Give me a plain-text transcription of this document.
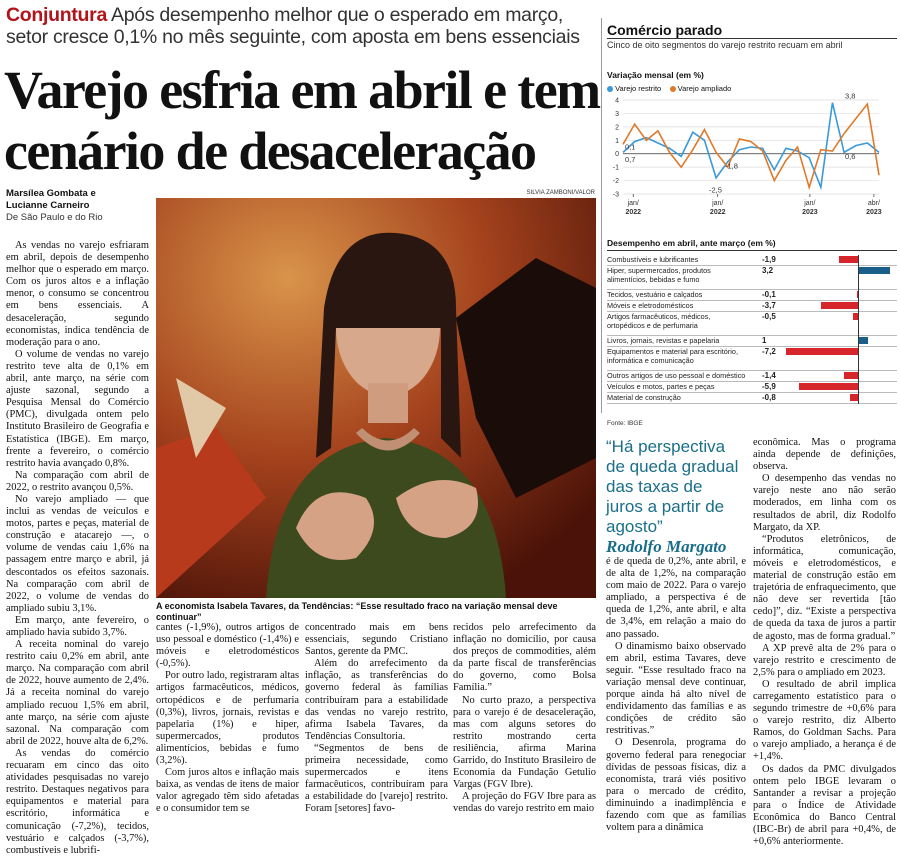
Conjuntura Após desempenho melhor que o esperado em março, setor cresce 0,1% no mês seguinte, com aposta em bens essenciais
Varejo esfria em abril e tem
cenário de desaceleração
Marsílea Gombata e
Lucianne Carneiro
De São Paulo e do Rio
SILVIA ZAMBONI/VALOR

As vendas no varejo esfriaram em abril, depois de desempenho melhor que o esperado em março. Com os juros altos e a inflação menor, o consumo se concentrou em bens essenciais. A desaceleração, segundo economistas, indica tendência de moderação para o ano.

O volume de vendas no varejo restrito teve alta de 0,1% em abril, ante março, na série com ajuste sazonal, segundo a Pesquisa Mensal do Comércio (PMC), divulgada ontem pelo Instituto Brasileiro de Geografia e Estatística (IBGE). Em março, frente a fevereiro, o comércio restrito havia avançado 0,8%.

Na comparação com abril de 2022, o restrito avançou 0,5%.

No varejo ampliado — que inclui as vendas de veículos e motos, partes e peças, material de construção e atacarejo —, o volume de vendas caiu 1,6% na passagem entre março e abril, já descontados os efeitos sazonais. Na comparação com abril de 2022, o volume de vendas do ampliado subiu 3,1%.

Em março, ante fevereiro, o ampliado havia subido 3,7%.

A receita nominal do varejo restrito caiu 0,2% em abril, ante março. Na comparação com abril de 2022, houve aumento de 2,4%. Já a receita nominal do varejo ampliado recuou 1,5% em abril, ante março, na série com ajuste sazonal. Na comparação com abril de 2022, houve alta de 6,2%.

As vendas do comércio recuaram em cinco das oito atividades pesquisadas no varejo restrito. Destaques negativos para equipamentos e material para escritório, informática e comunicação (-7,2%), tecidos, vestuário e calçados (-3,7%), combustíveis e lubrifi-

A economista Isabela Tavares, da Tendências: “Esse resultado fraco na variação mensal deve continuar”

cantes (-1,9%), outros artigos de uso pessoal e doméstico (-1,4%) e móveis e eletrodomésticos (-0,5%).

Por outro lado, registraram altas artigos farmacêuticos, médicos, ortopédicos e de perfumaria (0,3%), livros, jornais, revistas e papelaria (1%) e hiper, supermercados, produtos alimentícios, bebidas e fumo (3,2%).

Com juros altos e inflação mais baixa, as vendas de itens de maior valor agregado têm sido afetadas e o consumidor tem se

concentrado mais em bens essenciais, segundo Cristiano Santos, gerente da PMC.

Além do arrefecimento da inflação, as transferências do governo federal às famílias contribuíram para a estabilidade das vendas no varejo restrito, afirma Isabela Tavares, da Tendências Consultoria.

“Segmentos de bens de primeira necessidade, como supermercados e itens farmacêuticos, contribuíram para a estabilidade do [varejo] restrito. Foram [setores] favo-

recidos pelo arrefecimento da inflação no domicílio, por causa dos preços de commodities, além da parte fiscal de transferências do governo, como Bolsa Família.”

No curto prazo, a perspectiva para o varejo é de desaceleração, mas com alguns setores do restrito mostrando certa resiliência, afirma Marina Garrido, do Instituto Brasileiro de Economia da Fundação Getulio Vargas (FGV Ibre).

A projeção do FGV Ibre para as vendas do varejo restrito em maio

Comércio parado
Cinco de oito segmentos do varejo restrito recuam em abril
Variação mensal (em %)
Varejo restrito Varejo ampliado
-3
-2
-1
0
1
2
3
4
jan/
2022
jan/
2022
jan/
2023
abr/
2023
0,1
0,7
-1,8
-2,5
3,8
0,6
Desempenho em abril, ante março (em %)
Combustíveis e lubrificantes	-1,9
Hiper, supermercados, produtos alimentícios, bebidas e fumo
3,2
Tecidos, vestuário e calçados	-0,1
Móveis e eletrodomésticos	-3,7
Artigos farmacêuticos, médicos, ortopédicos e de perfumaria
-0,5
Livros, jornais, revistas e papelaria	1
Equipamentos e material para escritório, informática e comunicação
-7,2
Outros artigos de uso pessoal e doméstico -1,4
Veículos e motos, partes e peças	-5,9
Material de construção	-0,8
Fonte: IBGE
“Há perspectiva de queda gradual das taxas de juros a partir de agosto”
Rodolfo Margato

é de queda de 0,2%, ante abril, e de alta de 1,2%, na comparação com maio de 2022. Para o varejo ampliado, a perspectiva é de queda de 1,2%, ante abril, e alta de 3,4%, em relação a maio do ano passado.

O dinamismo baixo observado em abril, estima Tavares, deve seguir. “Esse resultado fraco na variação mensal deve continuar, porque ainda há alto nível de endividamento das famílias e as condições de crédito são restritivas.”

O Desenrola, programa do governo federal para renegociar dívidas de pessoas físicas, diz a economista, trará viés positivo para o mercado de crédito, diminuindo a inadimplência e fazendo com que as famílias voltem para a dinâmica

econômica. Mas o programa ainda depende de definições, observa.

O desempenho das vendas no varejo neste ano não serão moderados, em linha com os resultados de abril, diz Rodolfo Margato, da XP.

“Produtos eletrônicos, de informática, comunicação, móveis e eletrodomésticos, e material de construção estão em trajetória de enfraquecimento, que não deve ser revertida [tão cedo]”, diz. “Existe a perspectiva de queda da taxa de juros a partir de agosto, mas de forma gradual.”

A XP prevê alta de 2% para o varejo restrito e crescimento de 2,5% para o ampliado em 2023.

O resultado de abril implica carregamento estatístico para o segundo trimestre de +0,6% para o varejo restrito, diz Alberto Ramos, do Goldman Sachs. Para o varejo ampliado, a herança é de +1,4%.

Os dados da PMC divulgados ontem pelo IBGE levaram o Santander a revisar a projeção para o Índice de Atividade Econômica do Banco Central (IBC-Br) de abril para +0,4%, de +0,6% anteriormente.
